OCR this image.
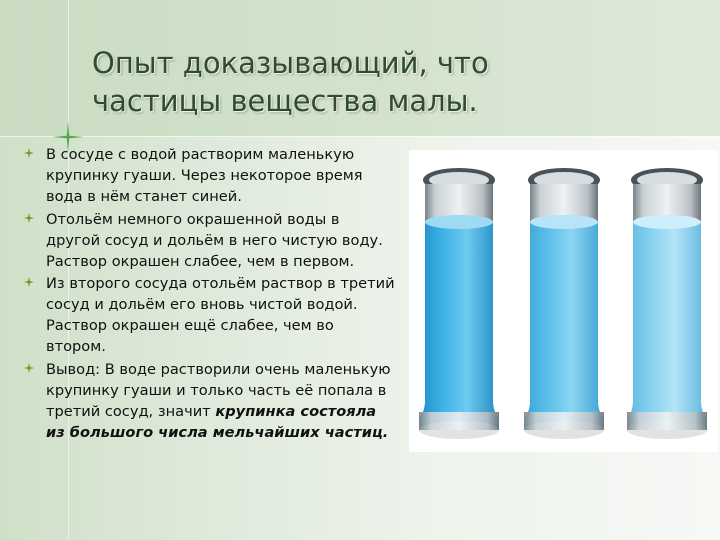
Опыт доказывающий, что
частицы вещества малы.
В сосуде с водой растворим маленькую крупинку гуаши. Через некоторое время вода в нём станет синей.
Отольём немного окрашенной воды в другой сосуд и дольём в него чистую воду. Раствор окрашен слабее, чем в первом.
Из второго сосуда отольём раствор в третий сосуд и дольём его вновь чистой водой. Раствор окрашен ещё слабее, чем во втором.
Вывод: В воде растворили очень маленькую крупинку гуаши и только часть её попала в третий сосуд, значит крупинка состояла из большого числа мельчайших частиц.
